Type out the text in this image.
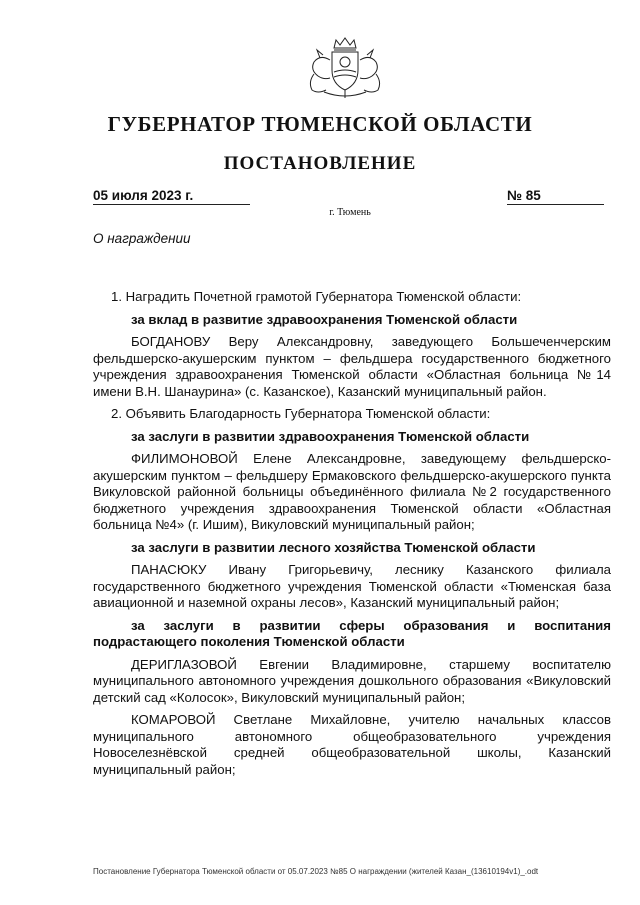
ГУБЕРНАТОР ТЮМЕНСКОЙ ОБЛАСТИ
ПОСТАНОВЛЕНИЕ
05 июля 2023 г.	№ 85
г. Тюмень
О награждении

1. Наградить Почетной грамотой Губернатора Тюменской области:

за вклад в развитие здравоохранения Тюменской области

БОГДАНОВУ Веру Александровну, заведующего Большеченчерским фельдшерско-акушерским пунктом – фельдшера государственного бюджетного учреждения здравоохранения Тюменской области «Областная больница №14 имени В.Н. Шанаурина» (с. Казанское), Казанский муниципальный район.

2. Объявить Благодарность Губернатора Тюменской области:

за заслуги в развитии здравоохранения Тюменской области

ФИЛИМОНОВОЙ Елене Александровне, заведующему фельдшерско-акушерским пунктом – фельдшеру Ермаковского фельдшерско-акушерского пункта Викуловской районной больницы объединённого филиала №2 государственного бюджетного учреждения здравоохранения Тюменской области «Областная больница №4» (г. Ишим), Викуловский муниципальный район;

за заслуги в развитии лесного хозяйства Тюменской области

ПАНАСЮКУ Ивану Григорьевичу, леснику Казанского филиала государственного бюджетного учреждения Тюменской области «Тюменская база авиационной и наземной охраны лесов», Казанский муниципальный район;

за заслуги в развитии сферы образования и воспитания подрастающего поколения Тюменской области

ДЕРИГЛАЗОВОЙ Евгении Владимировне, старшему воспитателю муниципального автономного учреждения дошкольного образования «Викуловский детский сад «Колосок», Викуловский муниципальный район;

КОМАРОВОЙ Светлане Михайловне, учителю начальных классов муниципального автономного общеобразовательного учреждения Новоселезнёвской средней общеобразовательной школы, Казанский муниципальный район;

Постановление Губернатора Тюменской области от 05.07.2023 №85 О награждении (жителей Казан_(13610194v1)_.odt
